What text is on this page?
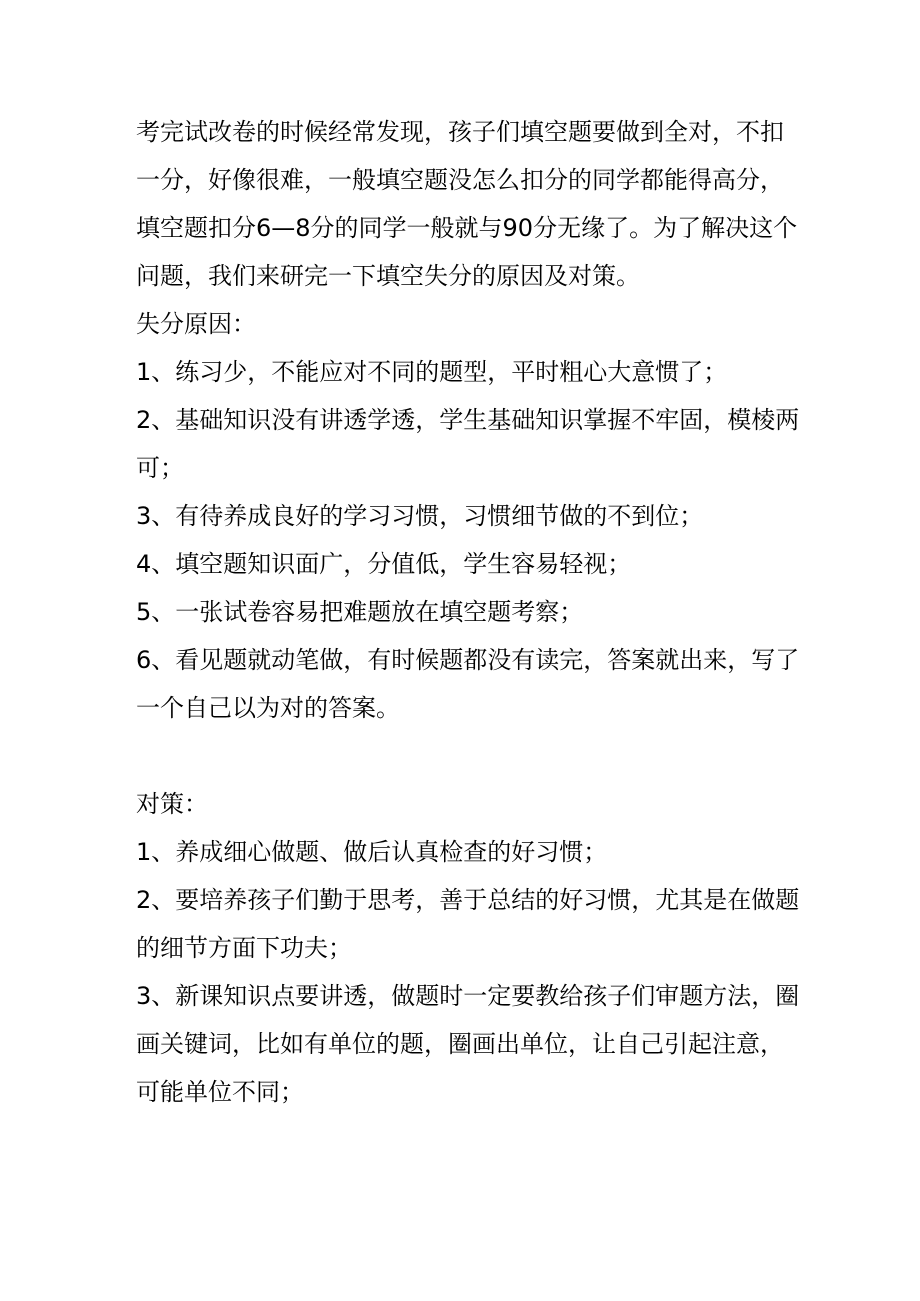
考完试改卷的时候经常发现，孩子们填空题要做到全对，不扣
一分，好像很难，一般填空题没怎么扣分的同学都能得高分，
填空题扣分6—8分的同学一般就与90分无缘了。为了解决这个
问题，我们来研完一下填空失分的原因及对策。
失分原因：
1、练习少，不能应对不同的题型，平时粗心大意惯了；
2、基础知识没有讲透学透，学生基础知识掌握不牢固，模棱两
可；
3、有待养成良好的学习习惯，习惯细节做的不到位；
4、填空题知识面广，分值低，学生容易轻视；
5、一张试卷容易把难题放在填空题考察；
6、看见题就动笔做，有时候题都没有读完，答案就出来，写了
一个自己以为对的答案。
对策：
1、养成细心做题、做后认真检查的好习惯；
2、要培养孩子们勤于思考，善于总结的好习惯，尤其是在做题
的细节方面下功夫；
3、新课知识点要讲透，做题时一定要教给孩子们审题方法，圈
画关键词，比如有单位的题，圈画出单位，让自己引起注意，
可能单位不同；
